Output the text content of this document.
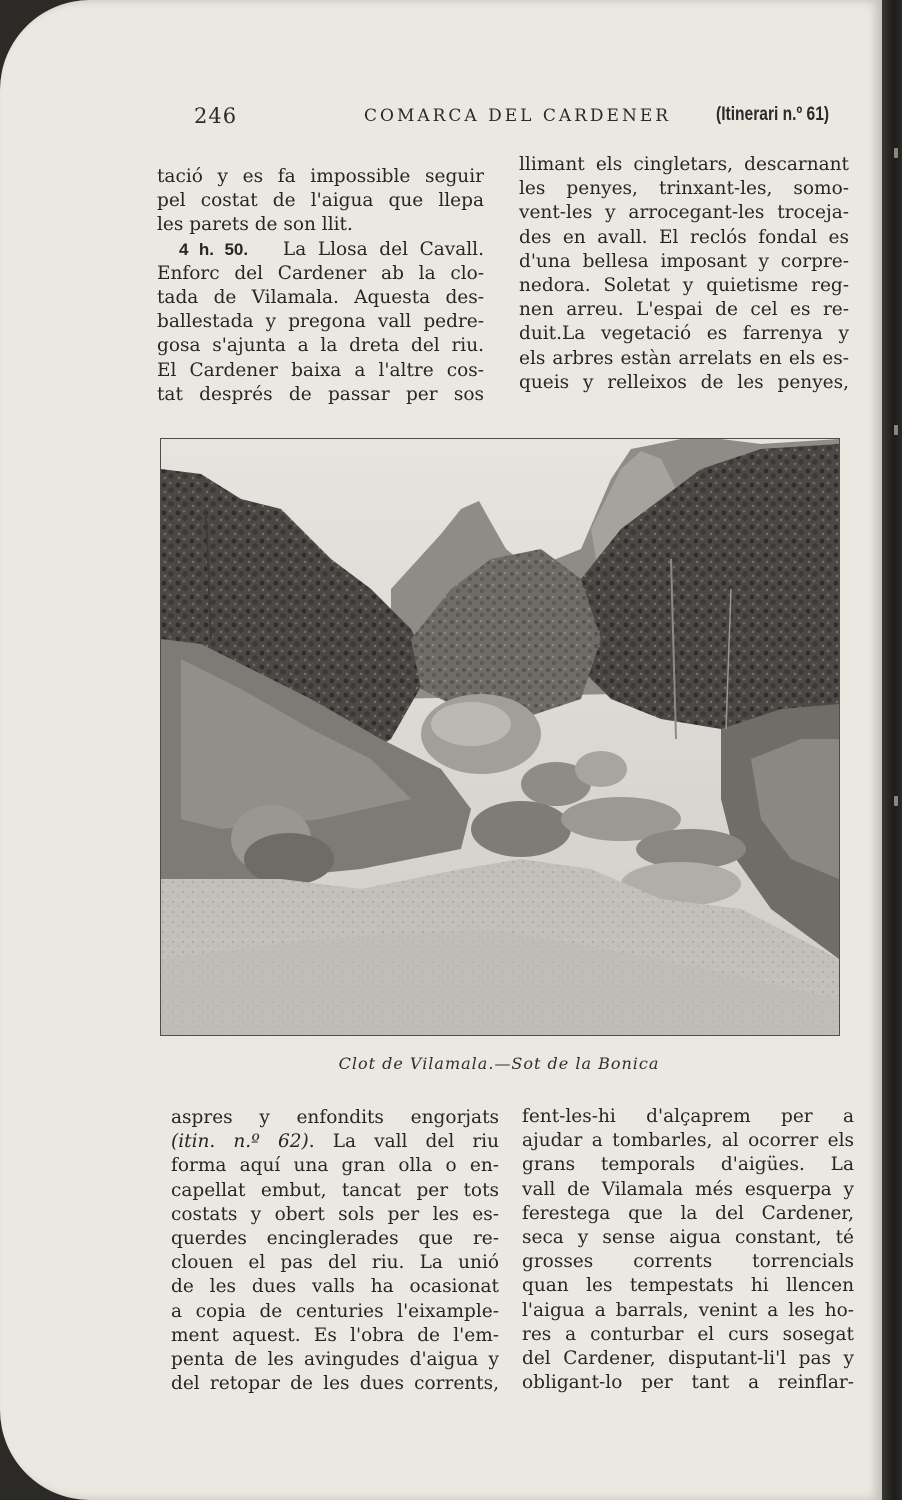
246	COMARCA DEL CARDENER (Itinerari n.º 61)
tació y es fa impossible seguir
pel costat de l'aigua que llepa
les parets de son llit.
4 h. 50. La Llosa del Cavall.
Enforc del Cardener ab la clo-
tada de Vilamala. Aquesta des-
ballestada y pregona vall pedre-
gosa s'ajunta a la dreta del riu.
El Cardener baixa a l'altre cos-
tat després de passar per sos
llimant els cingletars, descarnant
les penyes, trinxant-les, somo-
vent-les y arrocegant-les troceja-
des en avall. El reclós fondal es
d'una bellesa imposant y corpre-
nedora. Soletat y quietisme reg-
nen arreu. L'espai de cel es re-
duit.La vegetació es farrenya y
els arbres estàn arrelats en els es-
queis y relleixos de les penyes,
Clot de Vilamala.—Sot de la Bonica
aspres y enfondits engorjats
(itin. n.º 62). La vall del riu
forma aquí una gran olla o en-
capellat embut, tancat per tots
costats y obert sols per les es-
querdes encinglerades que re-
clouen el pas del riu. La unió
de les dues valls ha ocasionat
a copia de centuries l'eixample-
ment aquest. Es l'obra de l'em-
penta de les avingudes d'aigua y
del retopar de les dues corrents,
fent-les-hi d'alçaprem per a
ajudar a tombarles, al ocorrer els
grans temporals d'aigües. La
vall de Vilamala més esquerpa y
ferestega que la del Cardener,
seca y sense aigua constant, té
grosses corrents torrencials
quan les tempestats hi llencen
l'aigua a barrals, venint a les ho-
res a conturbar el curs sosegat
del Cardener, disputant-li'l pas y
obligant-lo per tant a reinflar-
